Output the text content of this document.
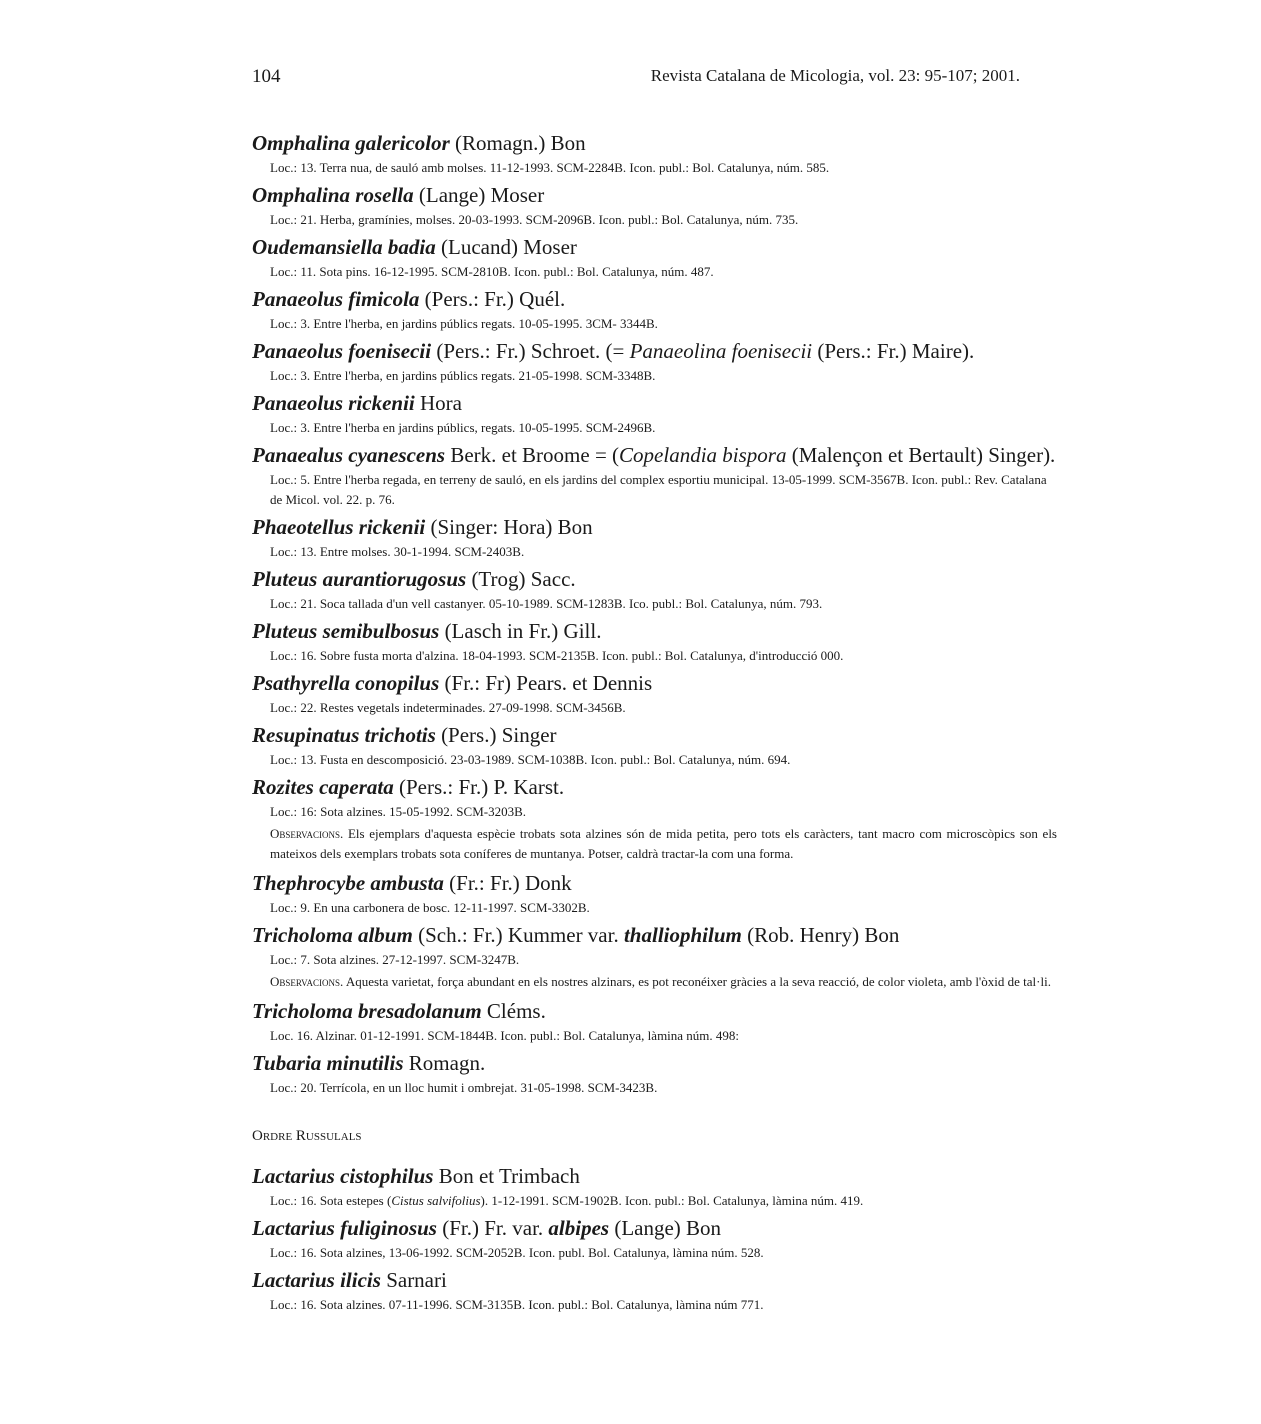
104	Revista Catalana de Micologia, vol. 23: 95-107; 2001.
Omphalina galericolor (Romagn.) Bon
Loc.: 13. Terra nua, de sauló amb molses. 11-12-1993. SCM-2284B. Icon. publ.: Bol. Catalunya, núm. 585.
Omphalina rosella (Lange) Moser
Loc.: 21. Herba, gramínies, molses. 20-03-1993. SCM-2096B. Icon. publ.: Bol. Catalunya, núm. 735.
Oudemansiella badia (Lucand) Moser
Loc.: 11. Sota pins. 16-12-1995. SCM-2810B. Icon. publ.: Bol. Catalunya, núm. 487.
Panaeolus fimicola (Pers.: Fr.) Quél.
Loc.: 3. Entre l'herba, en jardins públics regats. 10-05-1995. 3CM- 3344B.
Panaeolus foenisecii (Pers.: Fr.) Schroet. (= Panaeolina foenisecii (Pers.: Fr.) Maire).
Loc.: 3. Entre l'herba, en jardins públics regats. 21-05-1998. SCM-3348B.
Panaeolus rickenii Hora
Loc.: 3. Entre l'herba en jardins públics, regats. 10-05-1995. SCM-2496B.
Panaealus cyanescens Berk. et Broome = (Copelandia bispora (Malençon et Bertault) Singer).
Loc.: 5. Entre l'herba regada, en terreny de sauló, en els jardins del complex esportiu municipal. 13-05-1999. SCM-3567B. Icon. publ.: Rev. Catalana de Micol. vol. 22. p. 76.
Phaeotellus rickenii (Singer: Hora) Bon
Loc.: 13. Entre molses. 30-1-1994. SCM-2403B.
Pluteus aurantiorugosus (Trog) Sacc.
Loc.: 21. Soca tallada d'un vell castanyer. 05-10-1989. SCM-1283B. Ico. publ.: Bol. Catalunya, núm. 793.
Pluteus semibulbosus (Lasch in Fr.) Gill.
Loc.: 16. Sobre fusta morta d'alzina. 18-04-1993. SCM-2135B. Icon. publ.: Bol. Catalunya, d'introducció 000.
Psathyrella conopilus (Fr.: Fr) Pears. et Dennis
Loc.: 22. Restes vegetals indeterminades. 27-09-1998. SCM-3456B.
Resupinatus trichotis (Pers.) Singer
Loc.: 13. Fusta en descomposició. 23-03-1989. SCM-1038B. Icon. publ.: Bol. Catalunya, núm. 694.
Rozites caperata (Pers.: Fr.) P. Karst.
Loc.: 16: Sota alzines. 15-05-1992. SCM-3203B.
Observacions. Els ejemplars d'aquesta espècie trobats sota alzines són de mida petita, pero tots els caràcters, tant macro com microscòpics son els mateixos dels exemplars trobats sota coníferes de muntanya. Potser, caldrà tractar-la com una forma.
Thephrocybe ambusta (Fr.: Fr.) Donk
Loc.: 9. En una carbonera de bosc. 12-11-1997. SCM-3302B.
Tricholoma album (Sch.: Fr.) Kummer var. thalliophilum (Rob. Henry) Bon
Loc.: 7. Sota alzines. 27-12-1997. SCM-3247B.
Observacions. Aquesta varietat, força abundant en els nostres alzinars, es pot reconéixer gràcies a la seva reacció, de color violeta, amb l'òxid de tal·li.
Tricholoma bresadolanum Cléms.
Loc. 16. Alzinar. 01-12-1991. SCM-1844B. Icon. publ.: Bol. Catalunya, làmina núm. 498:
Tubaria minutilis Romagn.
Loc.: 20. Terrícola, en un lloc humit i ombrejat. 31-05-1998. SCM-3423B.
Ordre Russulals
Lactarius cistophilus Bon et Trimbach
Loc.: 16. Sota estepes (Cistus salvifolius). 1-12-1991. SCM-1902B. Icon. publ.: Bol. Catalunya, làmina núm. 419.
Lactarius fuliginosus (Fr.) Fr. var. albipes (Lange) Bon
Loc.: 16. Sota alzines, 13-06-1992. SCM-2052B. Icon. publ. Bol. Catalunya, làmina núm. 528.
Lactarius ilicis Sarnari
Loc.: 16. Sota alzines. 07-11-1996. SCM-3135B. Icon. publ.: Bol. Catalunya, làmina núm 771.
